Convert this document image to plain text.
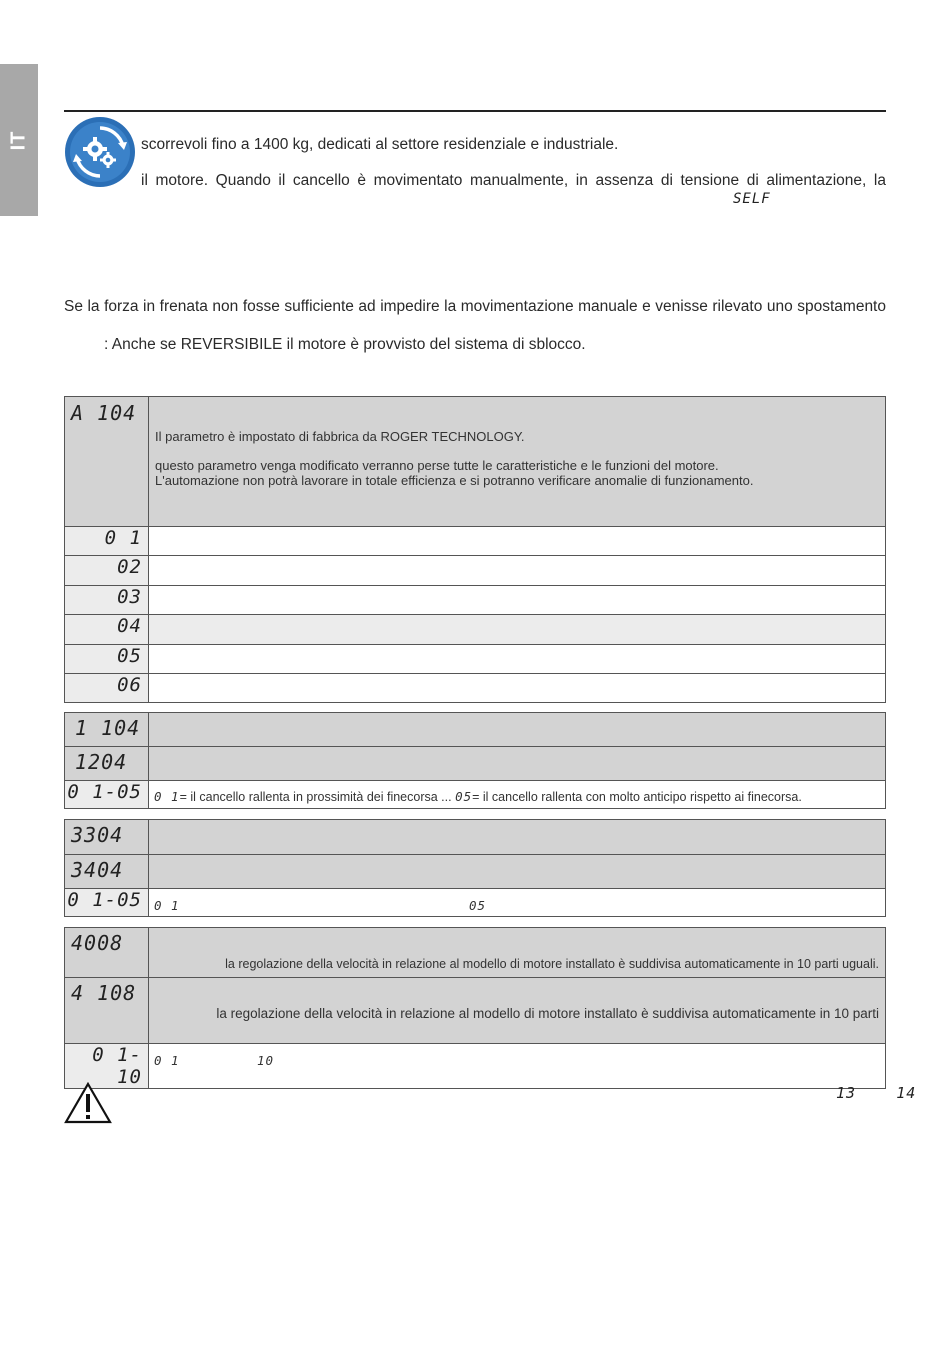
IT	scorrevoli fino a 1400 kg, dedicati al settore residenziale e industriale.
il motore. Quando il cancello è movimentato manualmente, in assenza di tensione di alimentazione, la
SELF
Se la forza in frenata non fosse sufficiente ad impedire la movimentazione manuale e venisse rilevato uno spostamento
: Anche se REVERSIBILE il motore è provvisto del sistema di sblocco.
A 104	Il parametro è impostato di fabbrica da ROGER TECHNOLOGY.
questo parametro venga modificato verranno perse tutte le caratteristiche e le funzioni del motore.
L'automazione non potrà lavorare in totale efficienza e si potranno verificare anomalie di funzionamento.

0 1	
02	
03	
04	
05	
06	
1 104	
1204	
0 1-05	0 1= il cancello rallenta in prossimità dei finecorsa ... 05= il cancello rallenta con molto anticipo rispetto ai finecorsa.
3304	
3404	
0 1-05	0 1 05
4008	la regolazione della velocità in relazione al modello di motore installato è suddivisa automaticamente in 10 parti uguali.
4 108	la regolazione della velocità in relazione al modello di motore installato è suddivisa automaticamente in 10 parti
0 1- 10	0 1 10
13	14
